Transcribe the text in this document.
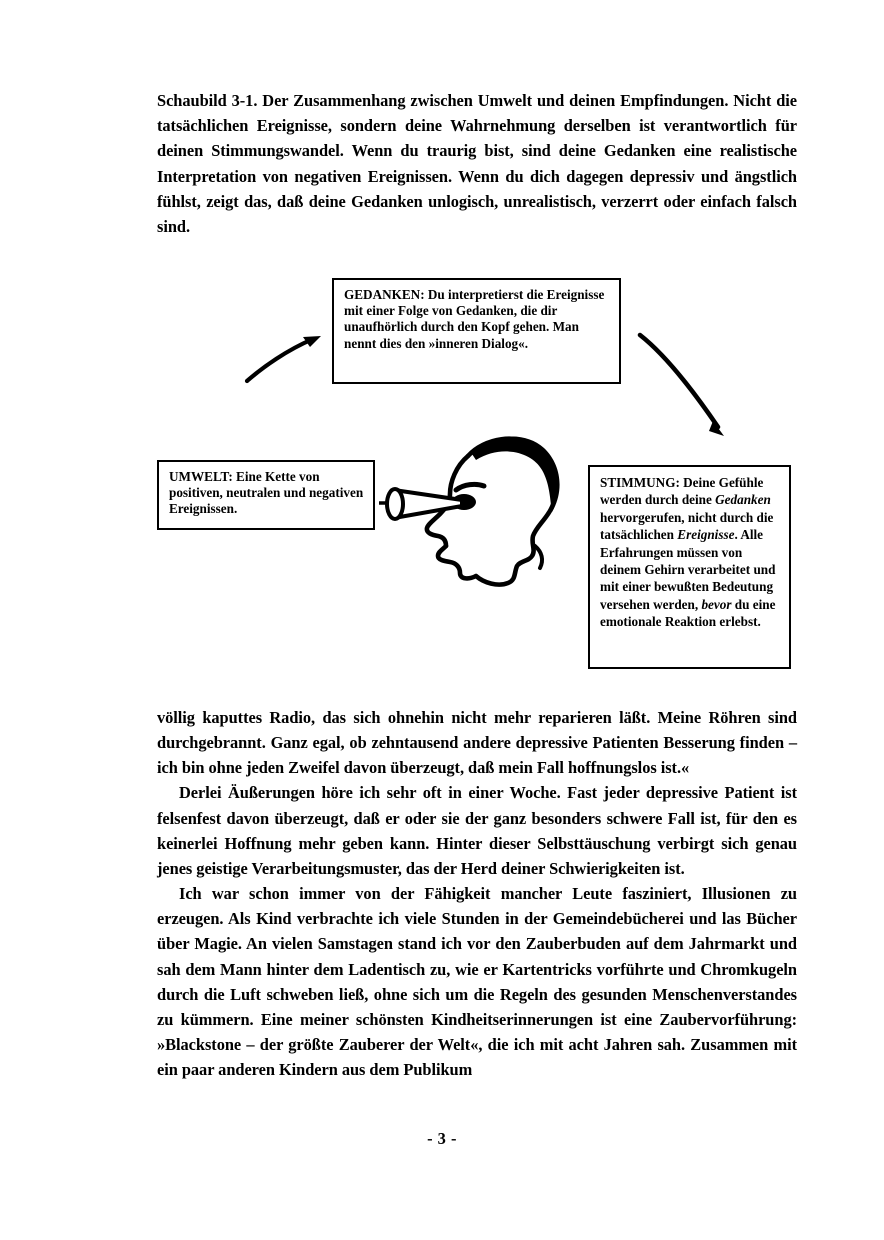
Schaubild 3-1. Der Zusammenhang zwischen Umwelt und deinen Empfindungen. Nicht die tatsächlichen Ereignisse, sondern deine Wahrnehmung derselben ist verantwortlich für deinen Stimmungswandel. Wenn du traurig bist, sind deine Gedanken eine realistische Interpretation von negativen Ereignissen. Wenn du dich dagegen depressiv und ängstlich fühlst, zeigt das, daß deine Gedanken unlogisch, unrealistisch, verzerrt oder einfach falsch sind.
GEDANKEN: Du interpretierst die Ereignisse mit einer Folge von Gedanken, die dir unaufhörlich durch den Kopf gehen. Man nennt dies den »inneren Dialog«.
UMWELT: Eine Kette von positiven, neutralen und negativen Ereignissen.
STIMMUNG: Deine Gefühle werden durch deine Gedanken hervorgerufen, nicht durch die tatsächlichen Ereignisse. Alle Erfahrungen müssen von deinem Gehirn verarbeitet und mit einer bewußten Bedeutung versehen werden, bevor du eine emotionale Reaktion erlebst.

völlig kaputtes Radio, das sich ohnehin nicht mehr reparieren läßt. Meine Röhren sind durchgebrannt. Ganz egal, ob zehntausend andere depressive Patienten Besserung finden – ich bin ohne jeden Zweifel davon überzeugt, daß mein Fall hoffnungslos ist.«

Derlei Äußerungen höre ich sehr oft in einer Woche. Fast jeder depressive Patient ist felsenfest davon überzeugt, daß er oder sie der ganz besonders schwere Fall ist, für den es keinerlei Hoffnung mehr geben kann. Hinter dieser Selbsttäuschung verbirgt sich genau jenes geistige Verarbeitungsmuster, das der Herd deiner Schwierigkeiten ist.

Ich war schon immer von der Fähigkeit mancher Leute fasziniert, Illusionen zu erzeugen. Als Kind verbrachte ich viele Stunden in der Gemeindebücherei und las Bücher über Magie. An vielen Samstagen stand ich vor den Zauberbuden auf dem Jahrmarkt und sah dem Mann hinter dem Ladentisch zu, wie er Kartentricks vorführte und Chromkugeln durch die Luft schweben ließ, ohne sich um die Regeln des gesunden Menschenverstandes zu kümmern. Eine meiner schönsten Kindheitserinnerungen ist eine Zaubervorführung: »Blackstone – der größte Zauberer der Welt«, die ich mit acht Jahren sah. Zusammen mit ein paar anderen Kindern aus dem Publikum

- 3 -
